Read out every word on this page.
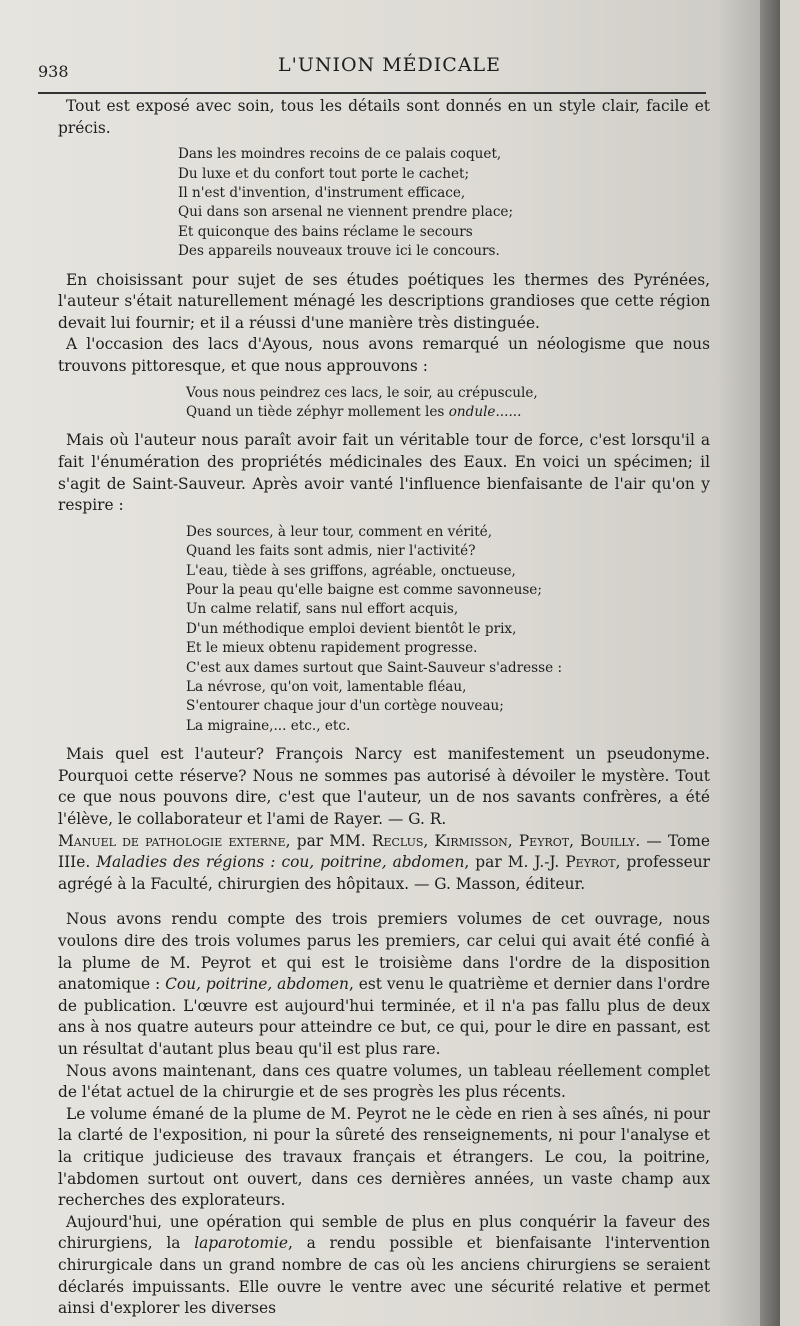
938	L'UNION MÉDICALE

Tout est exposé avec soin, tous les détails sont donnés en un style clair, facile et précis.

Dans les moindres recoins de ce palais coquet,
Du luxe et du confort tout porte le cachet;
Il n'est d'invention, d'instrument efficace,
Qui dans son arsenal ne viennent prendre place;
Et quiconque des bains réclame le secours
Des appareils nouveaux trouve ici le concours.

En choisissant pour sujet de ses études poétiques les thermes des Pyrénées, l'auteur s'était naturellement ménagé les descriptions grandioses que cette région devait lui fournir; et il a réussi d'une manière très distinguée.

A l'occasion des lacs d'Ayous, nous avons remarqué un néologisme que nous trouvons pittoresque, et que nous approuvons :

Vous nous peindrez ces lacs, le soir, au crépuscule,
Quand un tiède zéphyr mollement les ondule......

Mais où l'auteur nous paraît avoir fait un véritable tour de force, c'est lorsqu'il a fait l'énumération des propriétés médicinales des Eaux. En voici un spécimen; il s'agit de Saint-Sauveur. Après avoir vanté l'influence bienfaisante de l'air qu'on y respire :

Des sources, à leur tour, comment en vérité,
Quand les faits sont admis, nier l'activité?
L'eau, tiède à ses griffons, agréable, onctueuse,
Pour la peau qu'elle baigne est comme savonneuse;
Un calme relatif, sans nul effort acquis,
D'un méthodique emploi devient bientôt le prix,
Et le mieux obtenu rapidement progresse.
C'est aux dames surtout que Saint-Sauveur s'adresse :
La névrose, qu'on voit, lamentable fléau,
S'entourer chaque jour d'un cortège nouveau;
La migraine,... etc., etc.

Mais quel est l'auteur? François Narcy est manifestement un pseudonyme. Pourquoi cette réserve? Nous ne sommes pas autorisé à dévoiler le mystère. Tout ce que nous pouvons dire, c'est que l'auteur, un de nos savants confrères, a été l'élève, le collaborateur et l'ami de Rayer. — G. R.

Manuel de pathologie externe, par MM. Reclus, Kirmisson, Peyrot, Bouilly. — Tome IIIe. Maladies des régions : cou, poitrine, abdomen, par M. J.-J. Peyrot, professeur agrégé à la Faculté, chirurgien des hôpitaux. — G. Masson, éditeur.

Nous avons rendu compte des trois premiers volumes de cet ouvrage, nous voulons dire des trois volumes parus les premiers, car celui qui avait été confié à la plume de M. Peyrot et qui est le troisième dans l'ordre de la disposition anatomique : Cou, poitrine, abdomen, est venu le quatrième et dernier dans l'ordre de publication. L'œuvre est aujourd'hui terminée, et il n'a pas fallu plus de deux ans à nos quatre auteurs pour atteindre ce but, ce qui, pour le dire en passant, est un résultat d'autant plus beau qu'il est plus rare.

Nous avons maintenant, dans ces quatre volumes, un tableau réellement complet de l'état actuel de la chirurgie et de ses progrès les plus récents.

Le volume émané de la plume de M. Peyrot ne le cède en rien à ses aînés, ni pour la clarté de l'exposition, ni pour la sûreté des renseignements, ni pour l'analyse et la critique judicieuse des travaux français et étrangers. Le cou, la poitrine, l'abdomen surtout ont ouvert, dans ces dernières années, un vaste champ aux recherches des explorateurs.

Aujourd'hui, une opération qui semble de plus en plus conquérir la faveur des chirurgiens, la laparotomie, a rendu possible et bienfaisante l'intervention chirurgicale dans un grand nombre de cas où les anciens chirurgiens se seraient déclarés impuissants. Elle ouvre le ventre avec une sécurité relative et permet ainsi d'explorer les diverses
